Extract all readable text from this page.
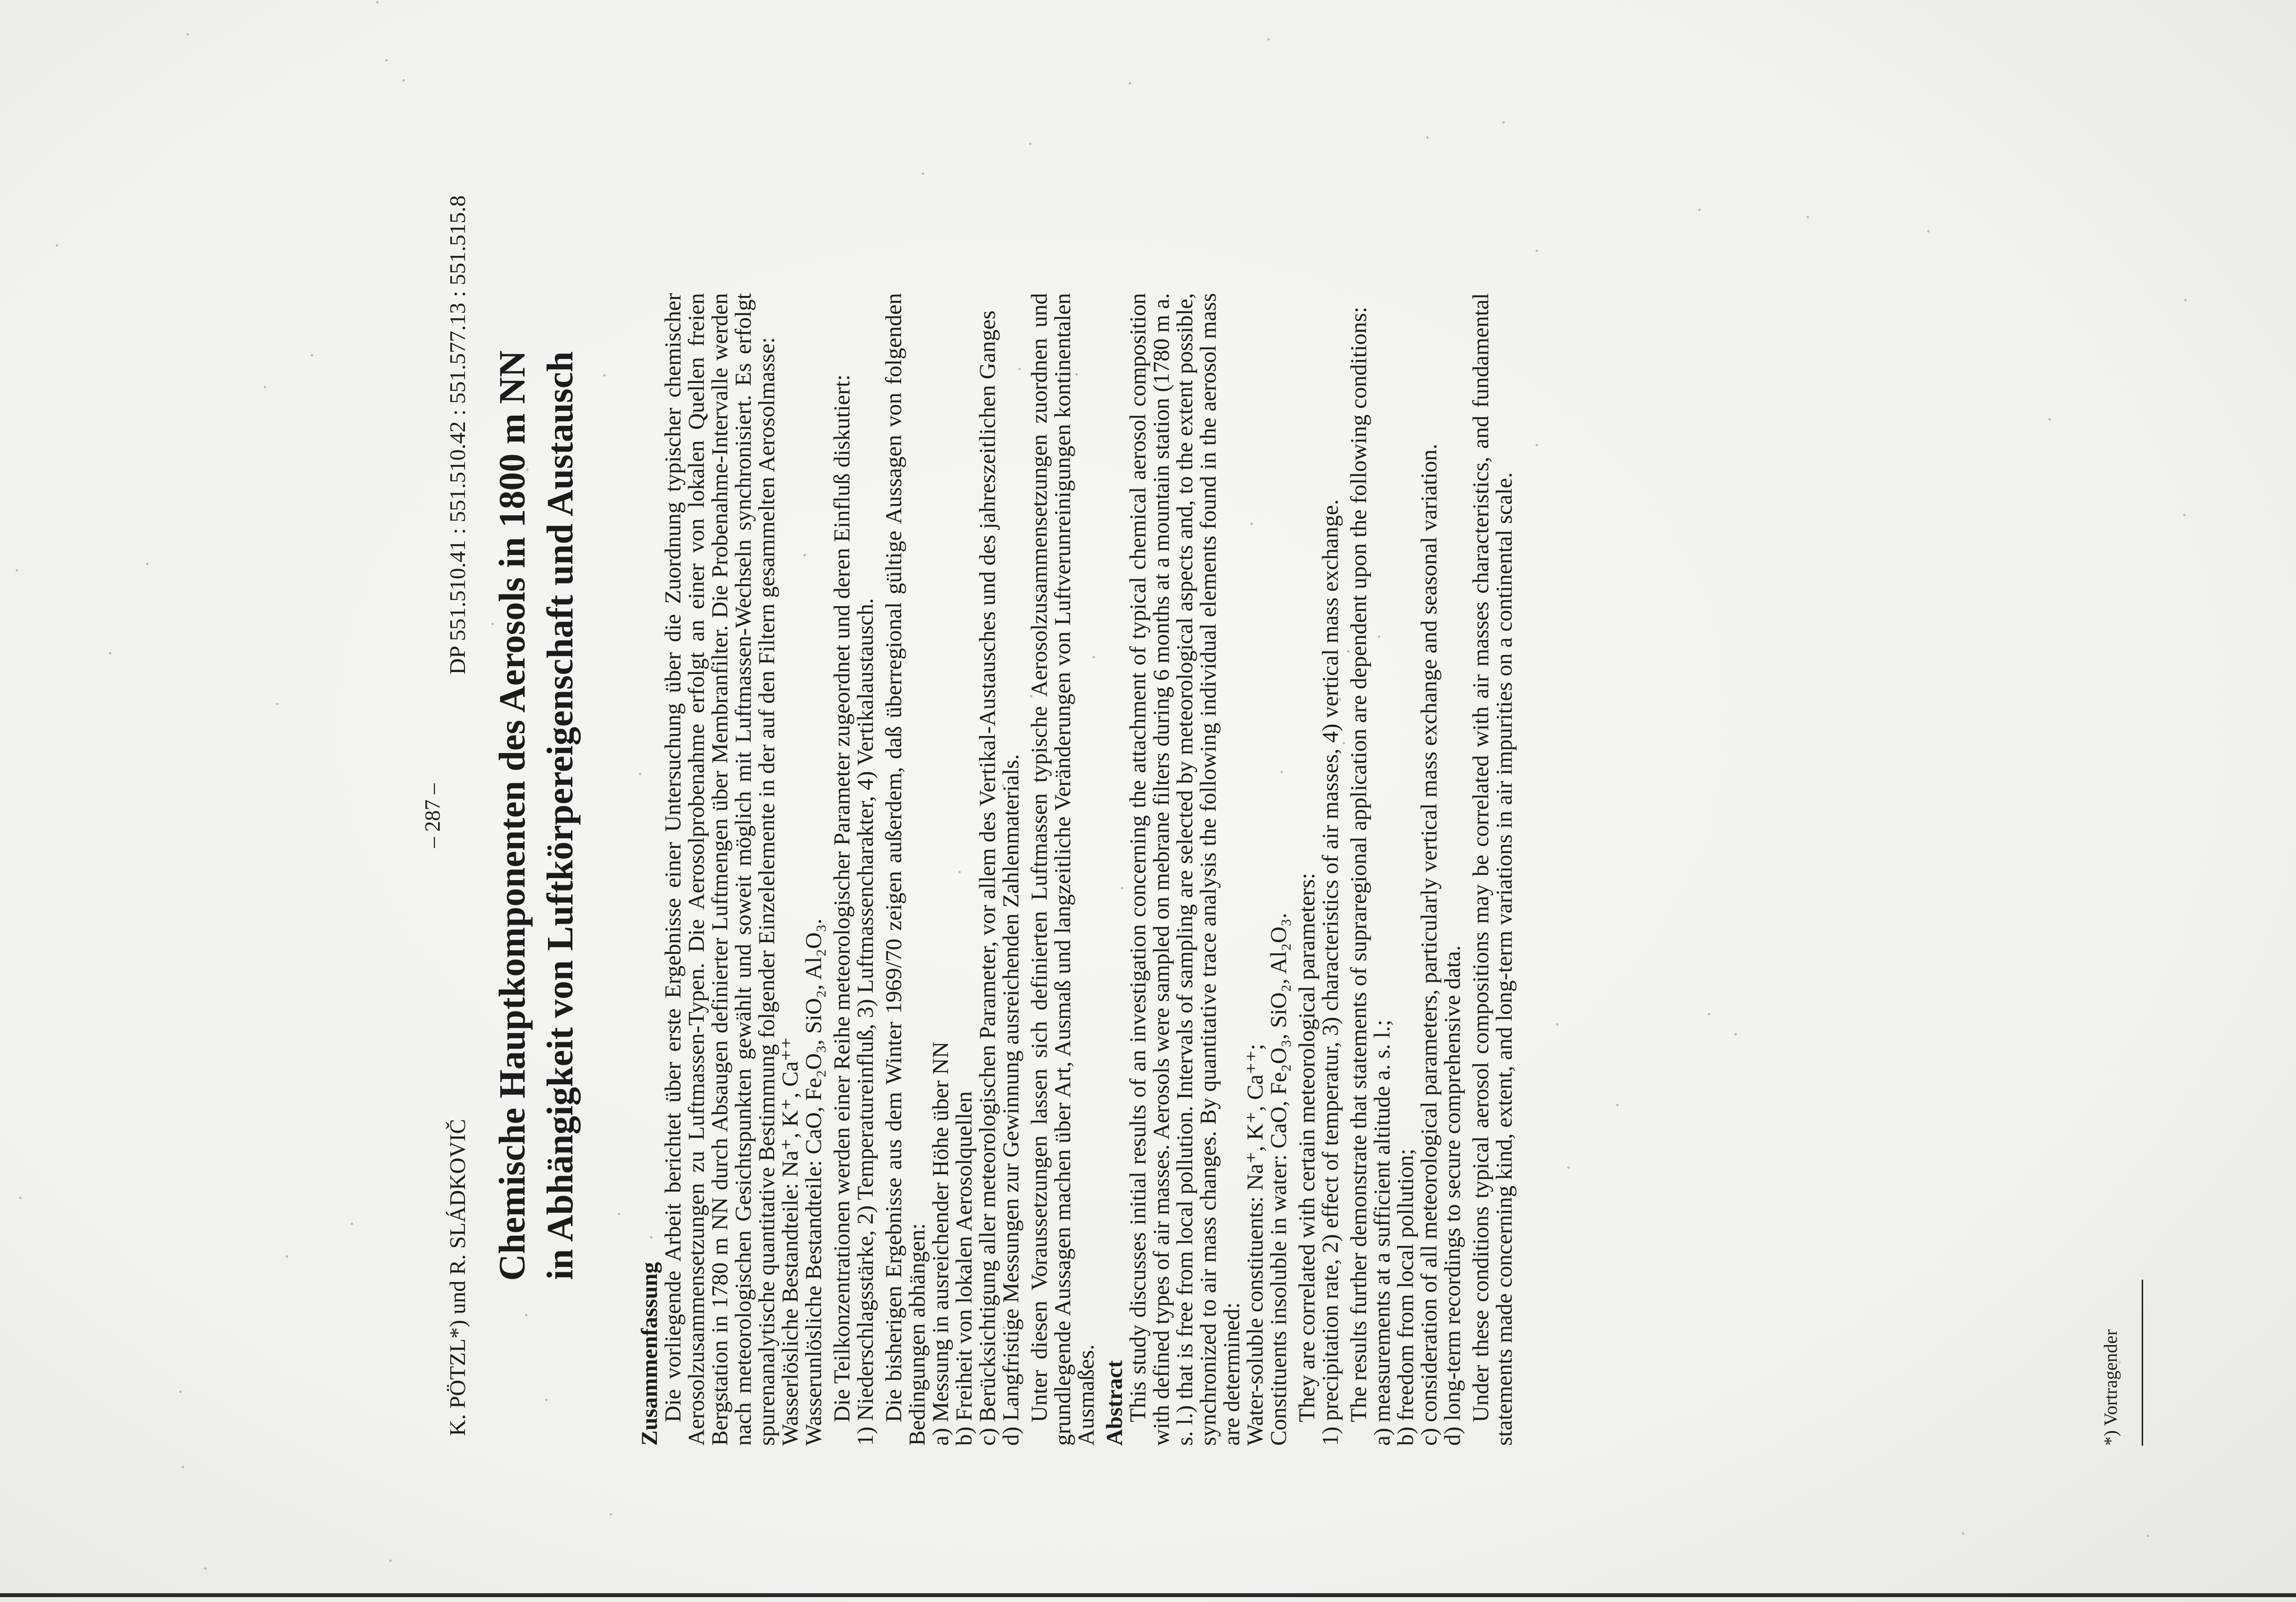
– 287 –

K. PÖTZL*) und R. SLÁDKOVIČ

DP 551.510.41 : 551.510.42 : 551.577.13 : 551.515.8 Chemische Hauptkomponenten des Aerosols in 1800 m NN in Abhängigkeit von Luftkörpereigenschaft und Austausch

Zusammenfassung

Die vorliegende Arbeit berichtet über erste Ergebnisse einer Untersuchung über die Zuordnung typischer chemischer Aerosolzusammensetzungen zu Luftmassen-Typen. Die Aerosolprobenahme erfolgt an einer von lokalen Quellen freien Bergstation in 1780 m NN durch Absaugen definierter Luftmengen über Membranfilter. Die Probenahme-Intervalle werden nach meteorologischen Gesichtspunkten gewählt und soweit möglich mit Luftmassen-Wechseln synchronisiert. Es erfolgt spurenanalytische quantitative Bestimmung folgender Einzelelemente in der auf den Filtern gesammelten Aerosolmasse:

Wasserlösliche Bestandteile: Na⁺, K⁺, Ca⁺⁺

Wasserunlösliche Bestandteile: CaO, Fe₂O₃, SiO₂, Al₂O₃. Die Teilkonzentrationen werden einer Reihe meteorologischer Parameter zugeordnet und deren Einfluß diskutiert:

1) Niederschlagsstärke, 2) Temperatureinfluß, 3) Luftmassencharakter, 4) Vertikalaustausch. Die bisherigen Ergebnisse aus dem Winter 1969/70 zeigen außerdem, daß überregional gültige Aussagen von folgenden Bedingungen abhängen:

a) Messung in ausreichender Höhe über NN

b) Freiheit von lokalen Aerosolquellen

c) Berücksichtigung aller meteorologischen Parameter, vor allem des Vertikal-Austausches und des jahreszeitlichen Ganges

d) Langfristige Messungen zur Gewinnung ausreichenden Zahlenmaterials. Unter diesen Voraussetzungen lassen sich definierten Luftmassen typische Aerosolzusammensetzungen zuordnen und grundlegende Aussagen machen über Art, Ausmaß und langzeitliche Veränderungen von Luftverunreinigungen kontinentalen Ausmaßes. Abstract

This study discusses initial results of an investigation concerning the attachment of typical chemical aerosol composition with defined types of air masses. Aerosols were sampled on mebrane filters during 6 months at a mountain station (1780 m a. s. l.) that is free from local pollution. Intervals of sampling are selected by meteorological aspects and, to the extent possible, synchronized to air mass changes. By quantitative trace analysis the following individual elements found in the aerosol mass are determined:

Water-soluble constituents: Na⁺, K⁺, Ca⁺⁺;

Constituents insoluble in water: CaO, Fe₂O₃, SiO₂, Al₂O₃. They are correlated with certain meteorological parameters:

1) precipitation rate, 2) effect of temperatur, 3) characteristics of air masses, 4) vertical mass exchange. The results further demonstrate that statements of supraregional application are dependent upon the following conditions:

a) measurements at a sufficient altitude a. s. l.;

b) freedom from local pollution;

c) consideration of all meteorological parameters, particularly vertical mass exchange and seasonal variation.

d) long-term recordings to secure comprehensive data. Under these conditions typical aerosol compositions may be correlated with air masses characteristics, and fundamental statements made concerning kind, extent, and long-term variations in air impurities on a continental scale.	*) Vortragender
